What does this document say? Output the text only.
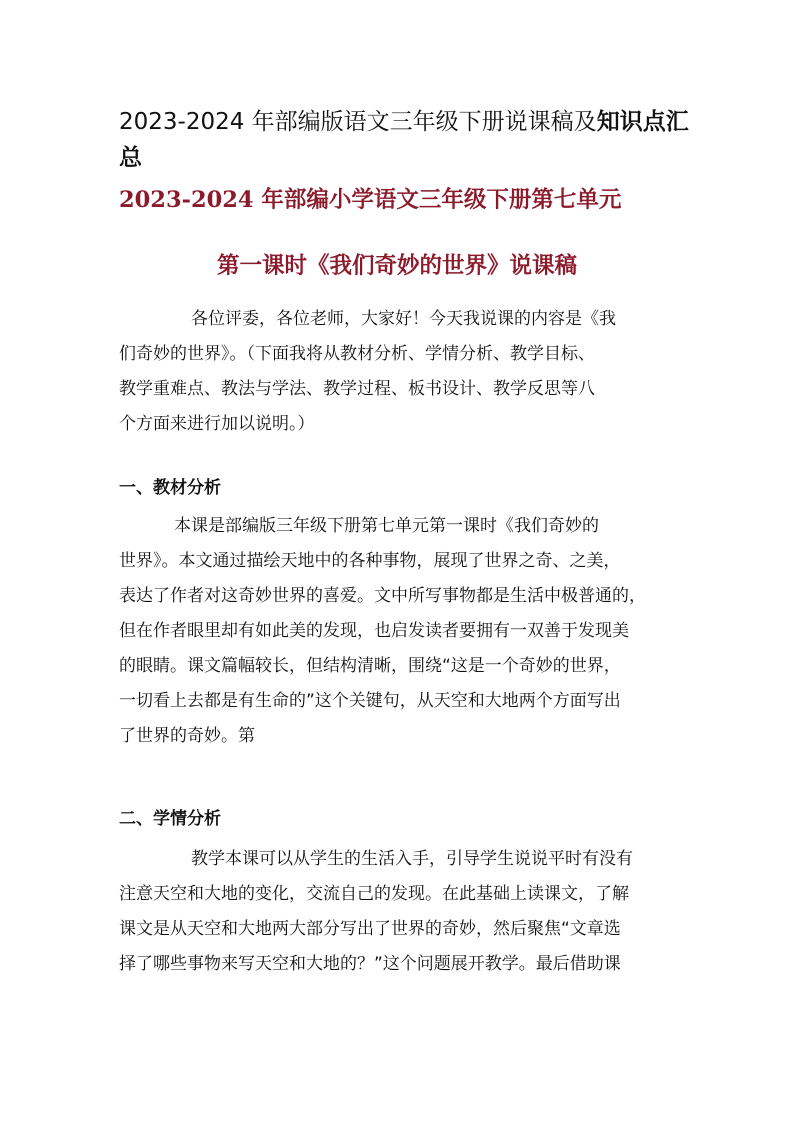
2023-2024 年部编版语文三年级下册说课稿及知识点汇总
2023-2024 年部编小学语文三年级下册第七单元
第一课时《我们奇妙的世界》说课稿

各位评委，各位老师，大家好！今天我说课的内容是《我
们奇妙的世界》。（下面我将从教材分析、学情分析、教学目标、
教学重难点、教法与学法、教学过程、板书设计、教学反思等八
个方面来进行加以说明。）

一、教材分析

本课是部编版三年级下册第七单元第一课时《我们奇妙的
世界》。本文通过描绘天地中的各种事物，展现了世界之奇、之美，
表达了作者对这奇妙世界的喜爱。文中所写事物都是生活中极普通的，
但在作者眼里却有如此美的发现，也启发读者要拥有一双善于发现美
的眼睛。课文篇幅较长，但结构清晰，围绕“这是一个奇妙的世界，
一切看上去都是有生命的”这个关键句，从天空和大地两个方面写出
了世界的奇妙。第

二、学情分析

教学本课可以从学生的生活入手，引导学生说说平时有没有
注意天空和大地的变化，交流自己的发现。在此基础上读课文，了解
课文是从天空和大地两大部分写出了世界的奇妙，然后聚焦“文章选
择了哪些事物来写天空和大地的？”这个问题展开教学。最后借助课
